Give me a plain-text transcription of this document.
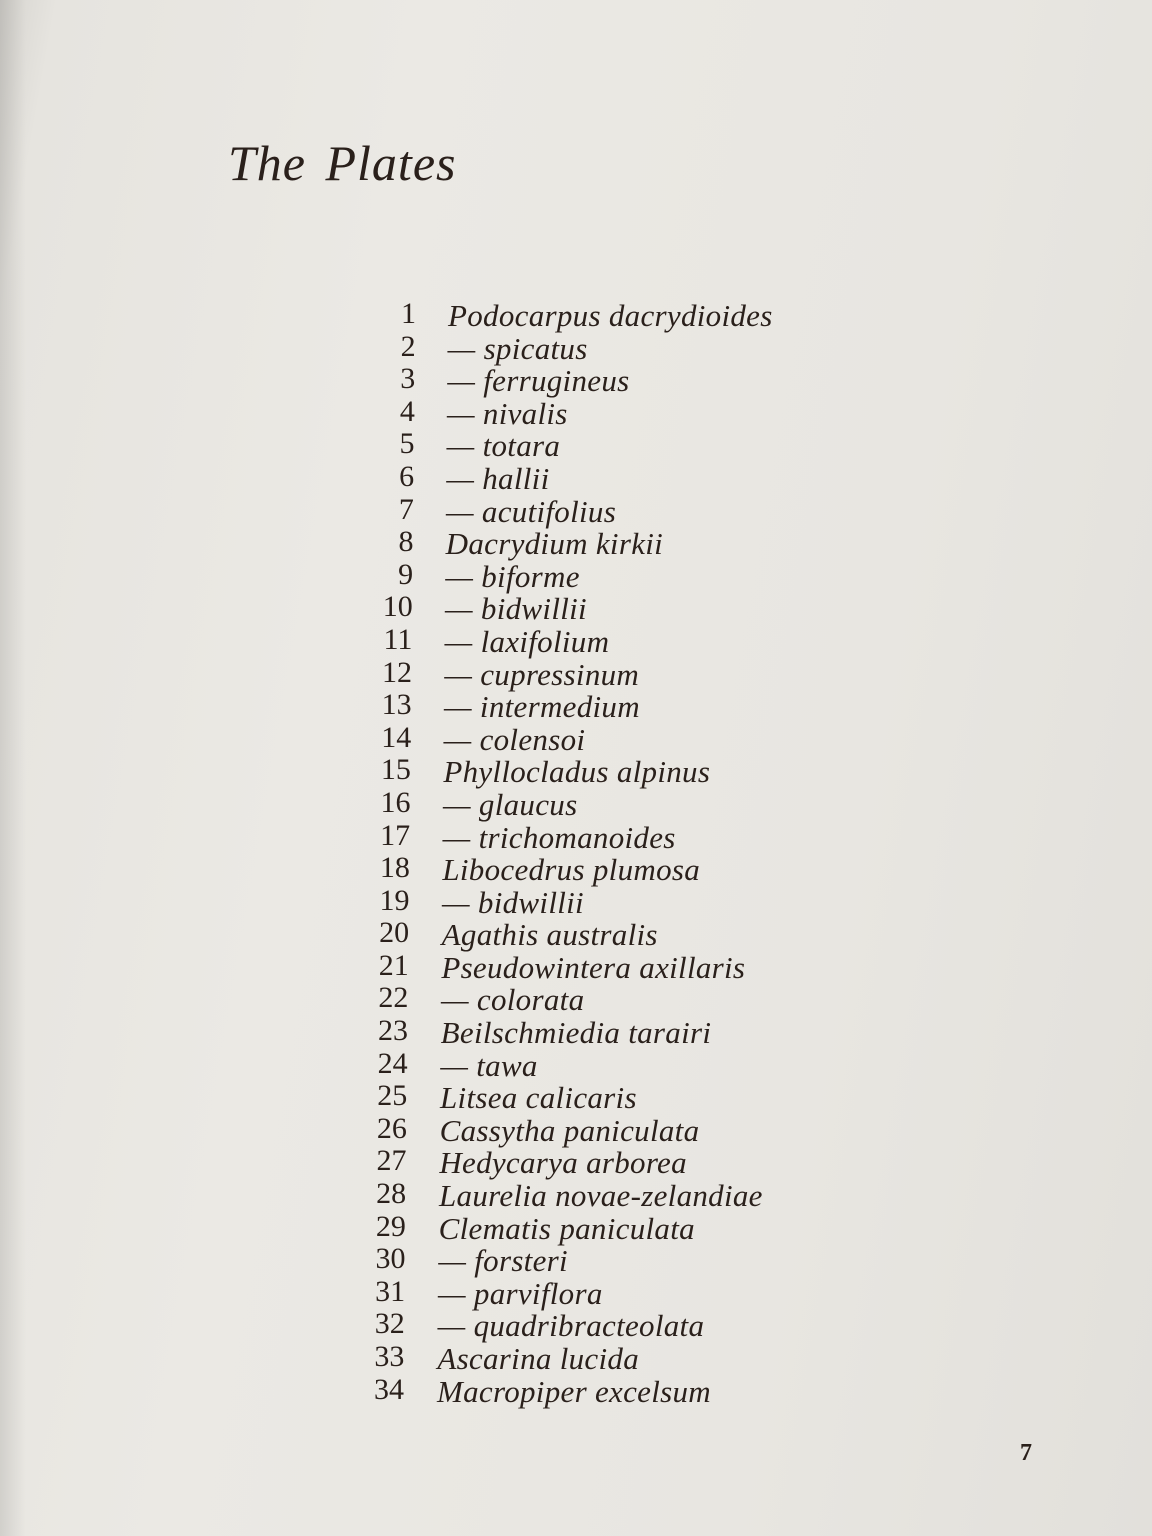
The Plates
1 Podocarpus dacrydioides
2 — spicatus
3 — ferrugineus
4 — nivalis
5 — totara
6 — hallii
7 — acutifolius
8 Dacrydium kirkii
9 — biforme
10 — bidwillii
11 — laxifolium
12 — cupressinum
13 — intermedium
14 — colensoi
15 Phyllocladus alpinus
16 — glaucus
17 — trichomanoides
18 Libocedrus plumosa
19 — bidwillii
20 Agathis australis
21 Pseudowintera axillaris
22 — colorata
23 Beilschmiedia tarairi
24 — tawa
25 Litsea calicaris
26 Cassytha paniculata
27 Hedycarya arborea
28 Laurelia novae-zelandiae
29 Clematis paniculata
30 — forsteri
31 — parviflora
32 — quadribracteolata
33 Ascarina lucida
34 Macropiper excelsum
7
